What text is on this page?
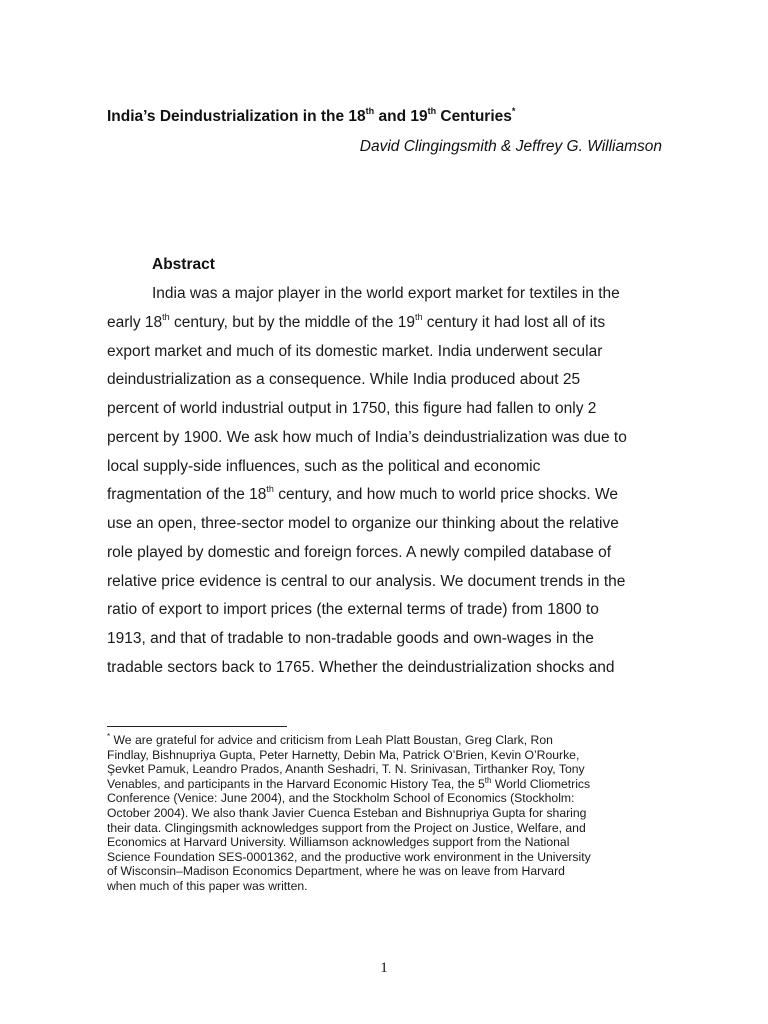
India’s Deindustrialization in the 18th and 19th Centuries*
David Clingingsmith & Jeffrey G. Williamson
Abstract
India was a major player in the world export market for textiles in the
early 18th century, but by the middle of the 19th century it had lost all of its
export market and much of its domestic market. India underwent secular
deindustrialization as a consequence. While India produced about 25
percent of world industrial output in 1750, this figure had fallen to only 2
percent by 1900. We ask how much of India’s deindustrialization was due to
local supply-side influences, such as the political and economic
fragmentation of the 18th century, and how much to world price shocks. We
use an open, three-sector model to organize our thinking about the relative
role played by domestic and foreign forces. A newly compiled database of
relative price evidence is central to our analysis. We document trends in the
ratio of export to import prices (the external terms of trade) from 1800 to
1913, and that of tradable to non-tradable goods and own-wages in the
tradable sectors back to 1765. Whether the deindustrialization shocks and
* We are grateful for advice and criticism from Leah Platt Boustan, Greg Clark, Ron
Findlay, Bishnupriya Gupta, Peter Harnetty, Debin Ma, Patrick O’Brien, Kevin O’Rourke,
Şevket Pamuk, Leandro Prados, Ananth Seshadri, T. N. Srinivasan, Tirthanker Roy, Tony
Venables, and participants in the Harvard Economic History Tea, the 5th World Cliometrics
Conference (Venice: June 2004), and the Stockholm School of Economics (Stockholm:
October 2004). We also thank Javier Cuenca Esteban and Bishnupriya Gupta for sharing
their data. Clingingsmith acknowledges support from the Project on Justice, Welfare, and
Economics at Harvard University. Williamson acknowledges support from the National
Science Foundation SES-0001362, and the productive work environment in the University
of Wisconsin–Madison Economics Department, where he was on leave from Harvard
when much of this paper was written.
1
